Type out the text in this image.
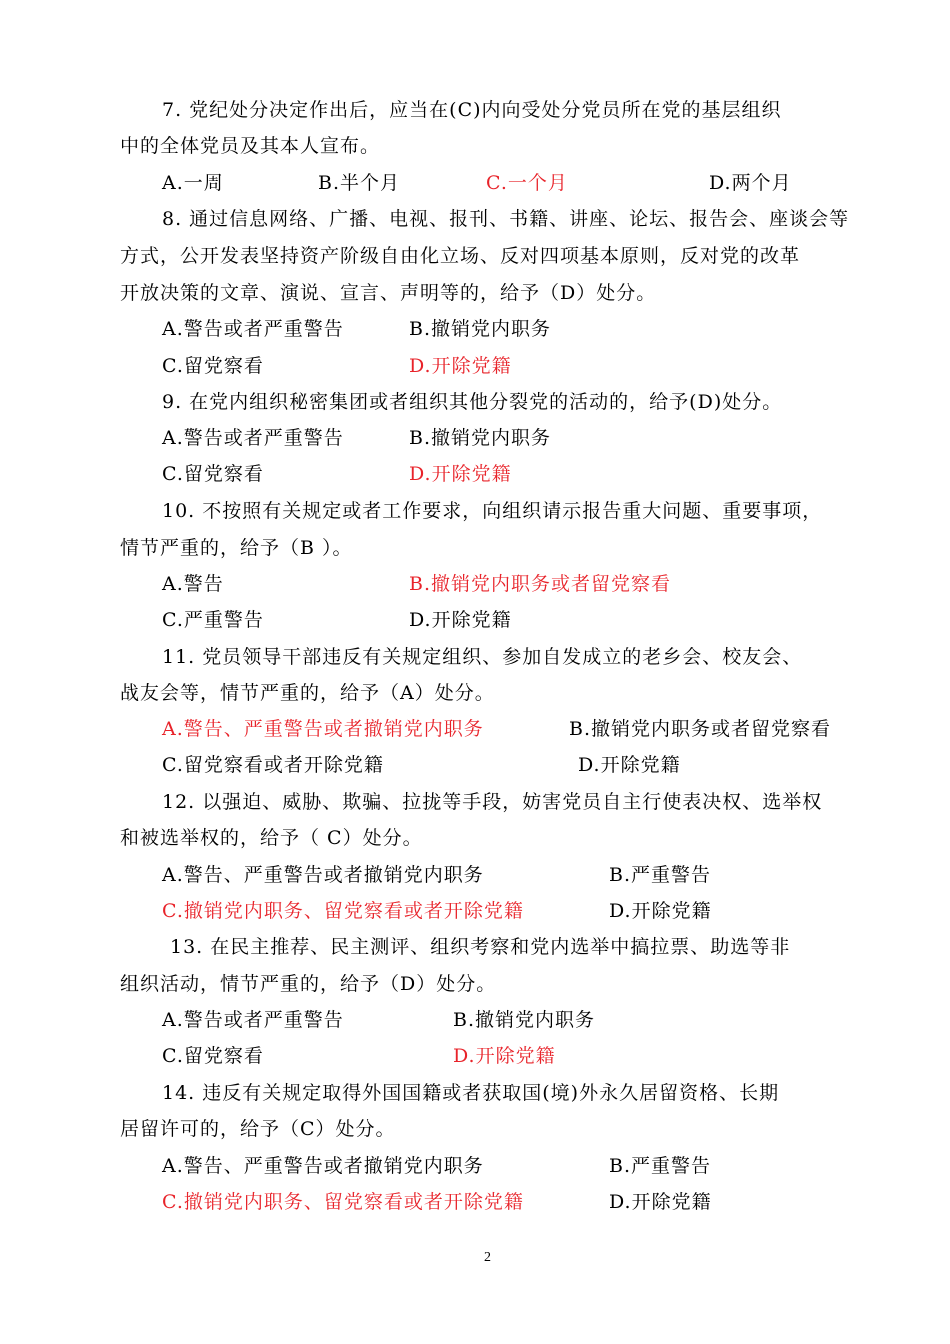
7. 党纪处分决定作出后，应当在(C)内向受处分党员所在党的基层组织
中的全体党员及其本人宣布。
A.一周	B.半个月	C.一个月	D.两个月
8. 通过信息网络、广播、电视、报刊、书籍、讲座、论坛、报告会、座谈会等
方式，公开发表坚持资产阶级自由化立场、反对四项基本原则，反对党的改革
开放决策的文章、演说、宣言、声明等的，给予（D）处分。
A.警告或者严重警告	B.撤销党内职务
C.留党察看	D.开除党籍
9. 在党内组织秘密集团或者组织其他分裂党的活动的，给予(D)处分。
A.警告或者严重警告	B.撤销党内职务
C.留党察看	D.开除党籍
10. 不按照有关规定或者工作要求，向组织请示报告重大问题、重要事项，
情节严重的，给予（B ）。
A.警告	B.撤销党内职务或者留党察看
C.严重警告	D.开除党籍
11. 党员领导干部违反有关规定组织、参加自发成立的老乡会、校友会、
战友会等，情节严重的，给予（A）处分。
A.警告、严重警告或者撤销党内职务	B.撤销党内职务或者留党察看
C.留党察看或者开除党籍	D.开除党籍
12. 以强迫、威胁、欺骗、拉拢等手段，妨害党员自主行使表决权、选举权
和被选举权的，给予（ C）处分。
A.警告、严重警告或者撤销党内职务	B.严重警告
C.撤销党内职务、留党察看或者开除党籍	D.开除党籍
13. 在民主推荐、民主测评、组织考察和党内选举中搞拉票、助选等非
组织活动，情节严重的，给予（D）处分。
A.警告或者严重警告	B.撤销党内职务
C.留党察看	D.开除党籍
14. 违反有关规定取得外国国籍或者获取国(境)外永久居留资格、长期
居留许可的，给予（C）处分。
A.警告、严重警告或者撤销党内职务	B.严重警告
C.撤销党内职务、留党察看或者开除党籍	D.开除党籍
2
